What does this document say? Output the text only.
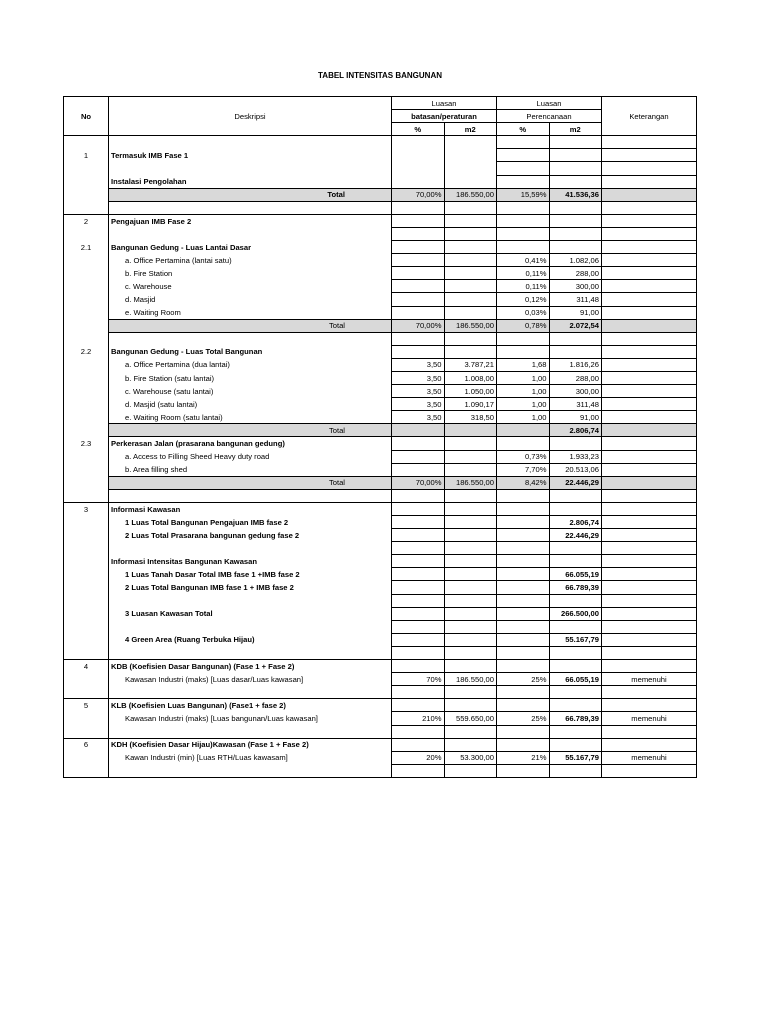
TABEL INTENSITAS BANGUNAN
No	Deskripsi	Luasan		Luasan		Keterangan
		batasan/peraturan		Perencanaan		
		%	m2	%	m2	

1	Termasuk IMB Fase 1					

	Instalasi Pengolahan					
	Total	70,00%	186.550,00	15,59%	41.536,36	

2	Pengajuan IMB Fase 2					

2.1	Bangunan Gedung - Luas Lantai Dasar					
	a. Office Pertamina (lantai satu)			0,41%	1.082,06	
	b. Fire Station			0,11%	288,00	
	c. Warehouse			0,11%	300,00	
	d. Masjid			0,12%	311,48	
	e. Waiting Room			0,03%	91,00	
	Total	70,00%	186.550,00	0,78%	2.072,54	

2.2	Bangunan Gedung - Luas Total Bangunan					
	a. Office Pertamina (dua lantai)	3,50	3.787,21	1,68	1.816,26	
	b. Fire Station (satu lantai)	3,50	1.008,00	1,00	288,00	
	c. Warehouse (satu lantai)	3,50	1.050,00	1,00	300,00	
	d. Masjid (satu lantai)	3,50	1.090,17	1,00	311,48	
	e. Waiting Room (satu lantai)	3,50	318,50	1,00	91,00	
	Total				2.806,74	
2.3	Perkerasan Jalan (prasarana bangunan gedung)					
	a. Access to Filling Sheed Heavy duty road			0,73%	1.933,23	
	b. Area filling shed			7,70%	20.513,06	
	Total	70,00%	186.550,00	8,42%	22.446,29	

3	Informasi Kawasan					
	1 Luas Total Bangunan Pengajuan IMB fase 2				2.806,74	
	2 Luas Total Prasarana bangunan gedung fase 2				22.446,29	

	Informasi Intensitas Bangunan Kawasan					
	1 Luas Tanah Dasar Total IMB fase 1 +IMB fase 2				66.055,19	
	2 Luas Total Bangunan IMB fase 1 + IMB fase 2				66.789,39	

	3 Luasan Kawasan Total				266.500,00	

	4 Green Area (Ruang Terbuka Hijau)				55.167,79	

4	KDB (Koefisien Dasar Bangunan) (Fase 1 + Fase 2)					
	Kawasan Industri (maks) [Luas dasar/Luas kawasan]	70%	186.550,00	25%	66.055,19	memenuhi

5	KLB (Koefisien Luas Bangunan) (Fase1 + fase 2)					
	Kawasan Industri (maks) [Luas bangunan/Luas kawasan]	210%	559.650,00	25%	66.789,39	memenuhi

6	KDH (Koefisien Dasar Hijau)Kawasan (Fase 1 + Fase 2)					
	Kawan Industri (min) [Luas RTH/Luas kawasam]	20%	53.300,00	21%	55.167,79	memenuhi
